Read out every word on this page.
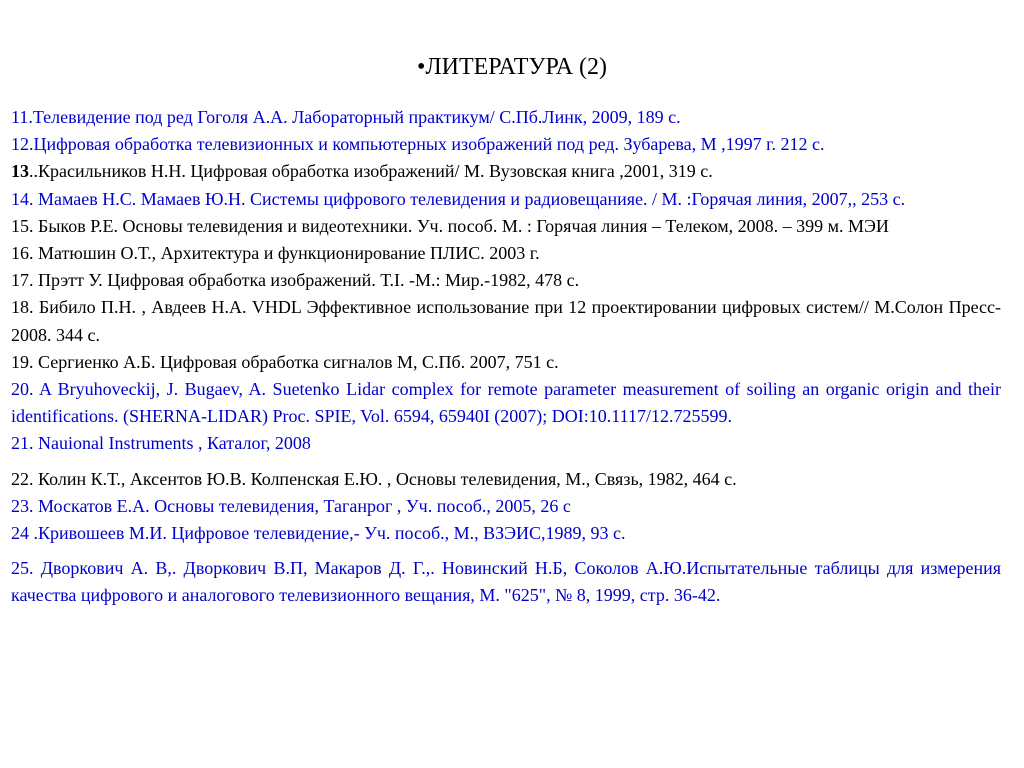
•ЛИТЕРАТУРА (2)

11.Телевидение под ред Гоголя А.А. Лабораторный практикум/ С.Пб.Линк, 2009, 189 с.

12.Цифровая обработка телевизионных и компьютерных изображений под ред. Зубарева, М ,1997 г. 212 с.

13..Красильников Н.Н. Цифровая обработка изображений/ М. Вузовская книга ,2001, 319 с.

14. Мамаев Н.С. Мамаев Ю.Н. Системы цифрового телевидения и радиовещанияе. / М. :Горячая линия, 2007,, 253 с.

15. Быков Р.Е. Основы телевидения и видеотехники. Уч. пособ. М. : Горячая линия – Телеком, 2008. – 399 м. МЭИ

16. Матюшин О.Т., Архитектура и функционирование ПЛИС. 2003 г.

17. Прэтт У. Цифровая обработка изображений. Т.I. -М.: Мир.-1982, 478 с.

18. Бибило П.Н. , Авдеев Н.А. VHDL Эффективное использование при 12 проектировании цифровых систем// М.Солон Пресс- 2008. 344 с.

19. Сергиенко А.Б. Цифровая обработка сигналов М, С.Пб. 2007, 751 с.

20. A Bryuhoveckij, J. Bugaev, A. Suetenko Lidar complex for remote parameter measurement of soiling an organic origin and their identifications. (SHERNA-LIDAR) Proc. SPIE, Vol. 6594, 65940I (2007); DOI:10.1117/12.725599.

21. Nauional Instruments , Каталог, 2008

22. Колин К.Т., Аксентов Ю.В. Колпенская Е.Ю. , Основы телевидения, М., Связь, 1982, 464 с.

23. Москатов Е.А. Основы телевидения, Таганрог , Уч. пособ., 2005, 26 с

24 .Кривошеев М.И. Цифровое телевидение,- Уч. пособ., М., ВЗЭИС,1989, 93 с.

25. Дворкович А. В,. Дворкович В.П, Макаров Д. Г.,. Новинский Н.Б, Соколов А.Ю.Испытательные таблицы для измерения качества цифрового и аналогового телевизионного вещания, М. "625", № 8, 1999, стр. 36-42.
